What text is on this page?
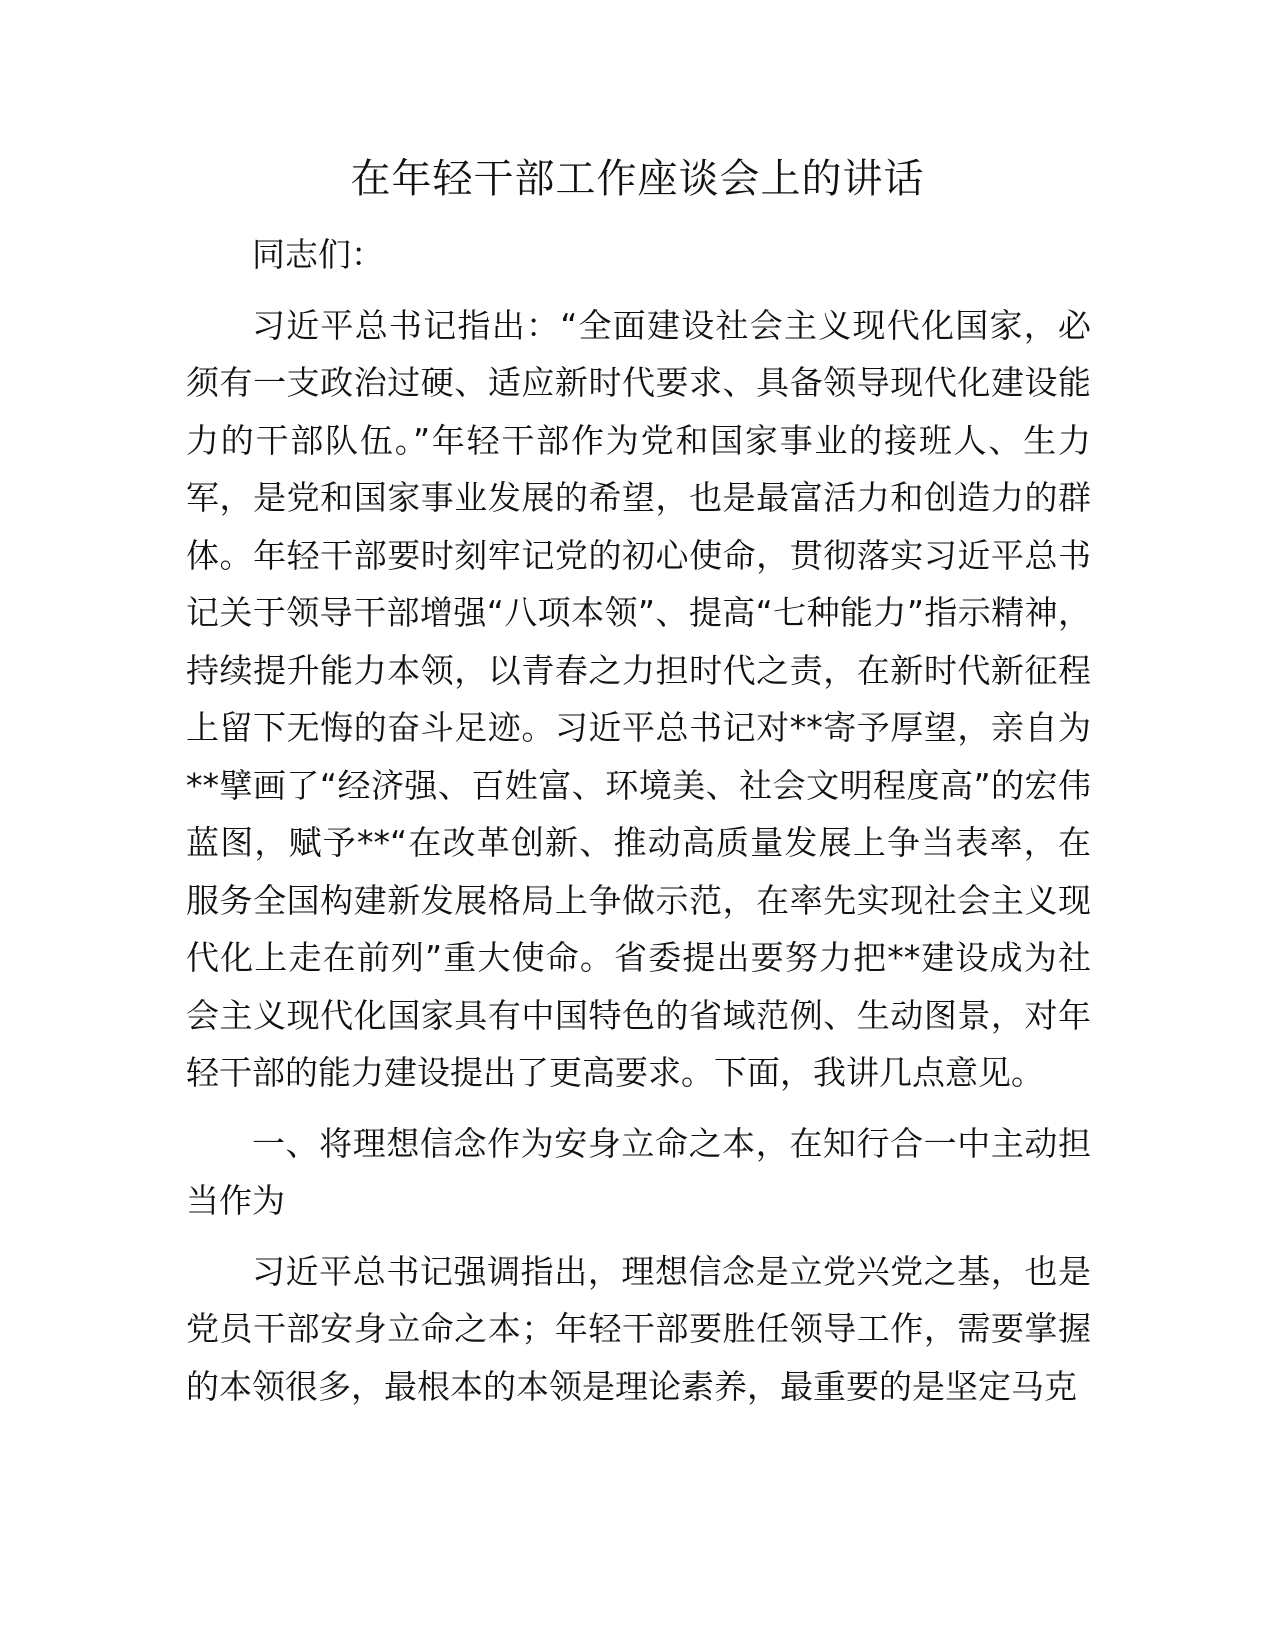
在年轻干部工作座谈会上的讲话

同志们：

习近平总书记指出：“全面建设社会主义现代化国家，必须有一支政治过硬、适应新时代要求、具备领导现代化建设能力的干部队伍。”年轻干部作为党和国家事业的接班人、生力军，是党和国家事业发展的希望，也是最富活力和创造力的群体。年轻干部要时刻牢记党的初心使命，贯彻落实习近平总书记关于领导干部增强“八项本领”、提高“七种能力”指示精神，持续提升能力本领，以青春之力担时代之责，在新时代新征程上留下无悔的奋斗足迹。习近平总书记对**寄予厚望，亲自为**擘画了“经济强、百姓富、环境美、社会文明程度高”的宏伟蓝图，赋予**“在改革创新、推动高质量发展上争当表率，在服务全国构建新发展格局上争做示范，在率先实现社会主义现代化上走在前列”重大使命。省委提出要努力把**建设成为社会主义现代化国家具有中国特色的省域范例、生动图景，对年轻干部的能力建设提出了更高要求。下面，我讲几点意见。

一、将理想信念作为安身立命之本，在知行合一中主动担当作为

习近平总书记强调指出，理想信念是立党兴党之基，也是党员干部安身立命之本；年轻干部要胜任领导工作，需要掌握的本领很多，最根本的本领是理论素养，最重要的是坚定马克
